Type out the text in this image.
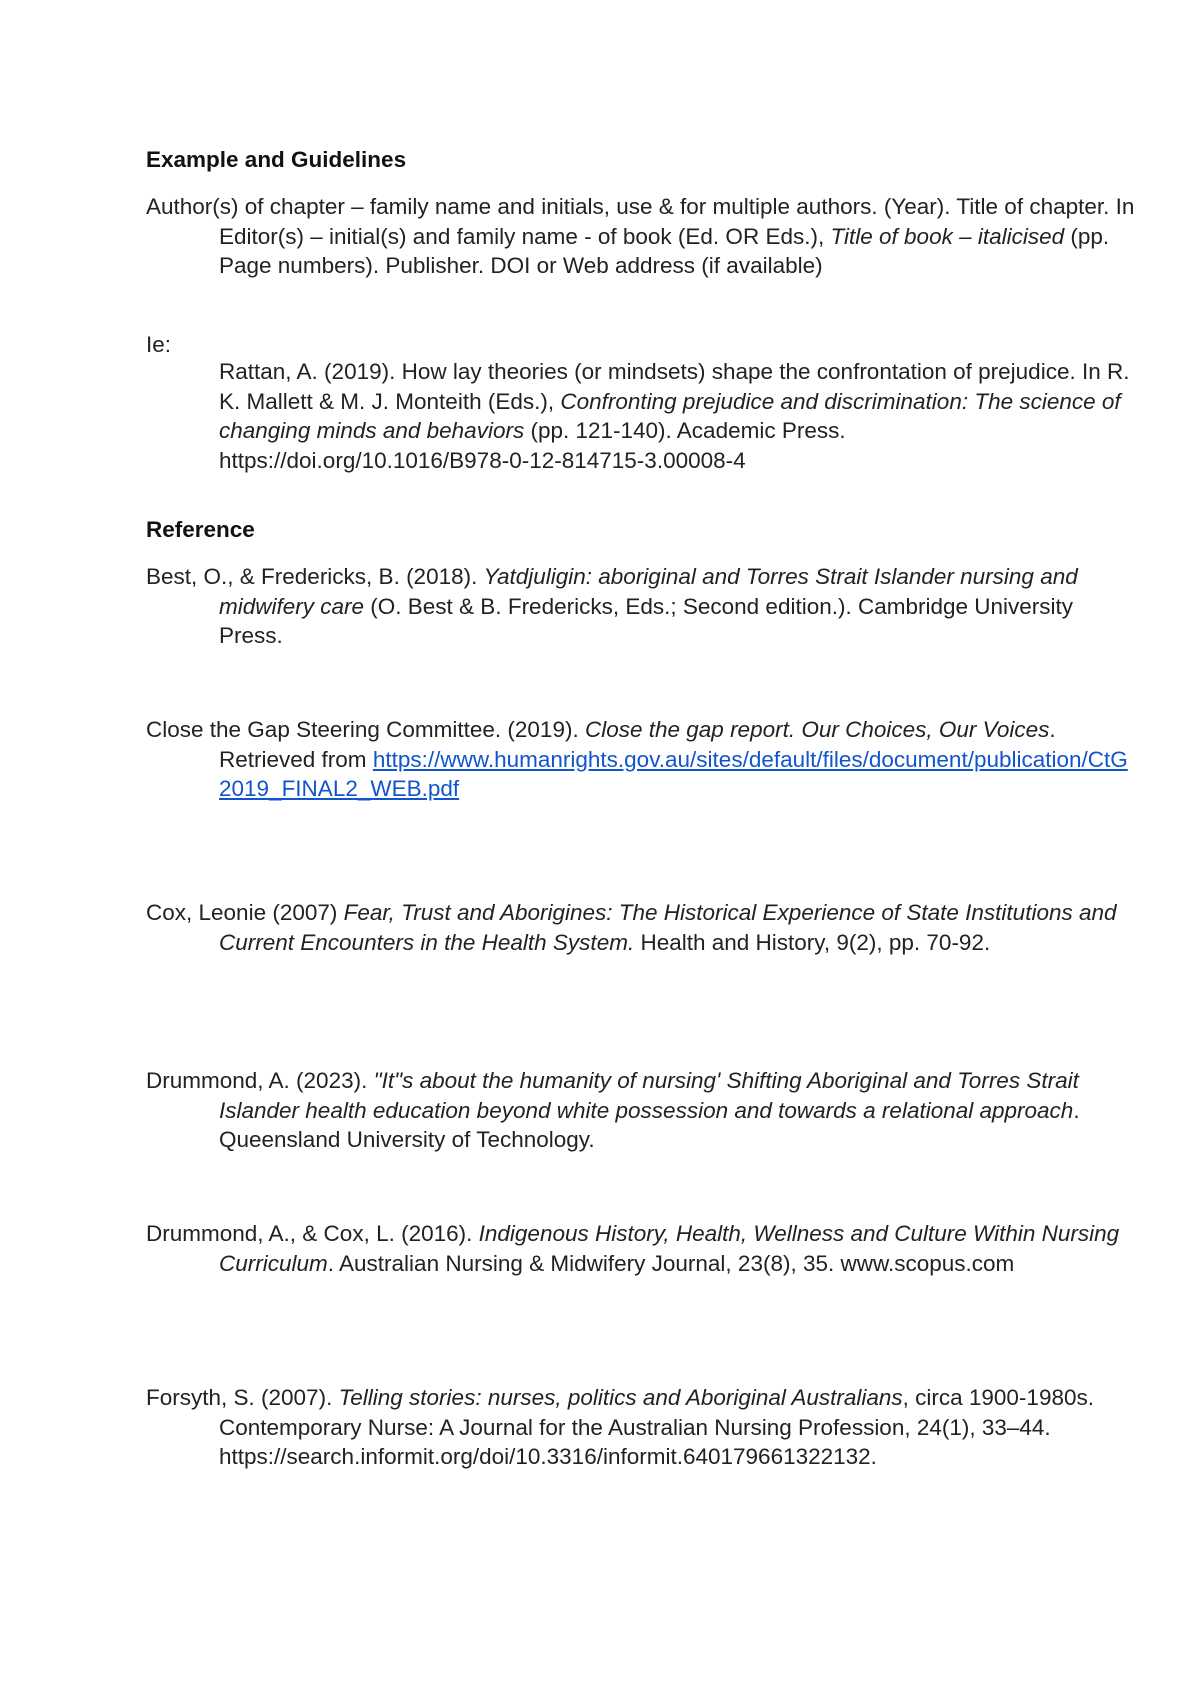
Example and Guidelines
Author(s) of chapter – family name and initials, use & for multiple authors. (Year). Title of chapter. In Editor(s) – initial(s) and family name - of book (Ed. OR Eds.), Title of book – italicised (pp. Page numbers). Publisher. DOI or Web address (if available)
Ie:
Rattan, A. (2019). How lay theories (or mindsets) shape the confrontation of prejudice. In R. K. Mallett & M. J. Monteith (Eds.), Confronting prejudice and discrimination: The science of changing minds and behaviors (pp. 121-140). Academic Press. https://doi.org/10.1016/B978-0-12-814715-3.00008-4
Reference
Best, O., & Fredericks, B. (2018). Yatdjuligin: aboriginal and Torres Strait Islander nursing and midwifery care (O. Best & B. Fredericks, Eds.; Second edition.). Cambridge University Press.
Close the Gap Steering Committee. (2019). Close the gap report. Our Choices, Our Voices. Retrieved from https://www.humanrights.gov.au/sites/default/files/document/publication/CtG2019_FINAL2_WEB.pdf
Cox, Leonie (2007) Fear, Trust and Aborigines: The Historical Experience of State Institutions and Current Encounters in the Health System. Health and History, 9(2), pp. 70-92.
Drummond, A. (2023). "It"s about the humanity of nursing' Shifting Aboriginal and Torres Strait Islander health education beyond white possession and towards a relational approach. Queensland University of Technology.
Drummond, A., & Cox, L. (2016). Indigenous History, Health, Wellness and Culture Within Nursing Curriculum. Australian Nursing & Midwifery Journal, 23(8), 35. www.scopus.com
Forsyth, S. (2007). Telling stories: nurses, politics and Aboriginal Australians, circa 1900-1980s. Contemporary Nurse: A Journal for the Australian Nursing Profession, 24(1), 33–44. https://search.informit.org/doi/10.3316/informit.640179661322132.
